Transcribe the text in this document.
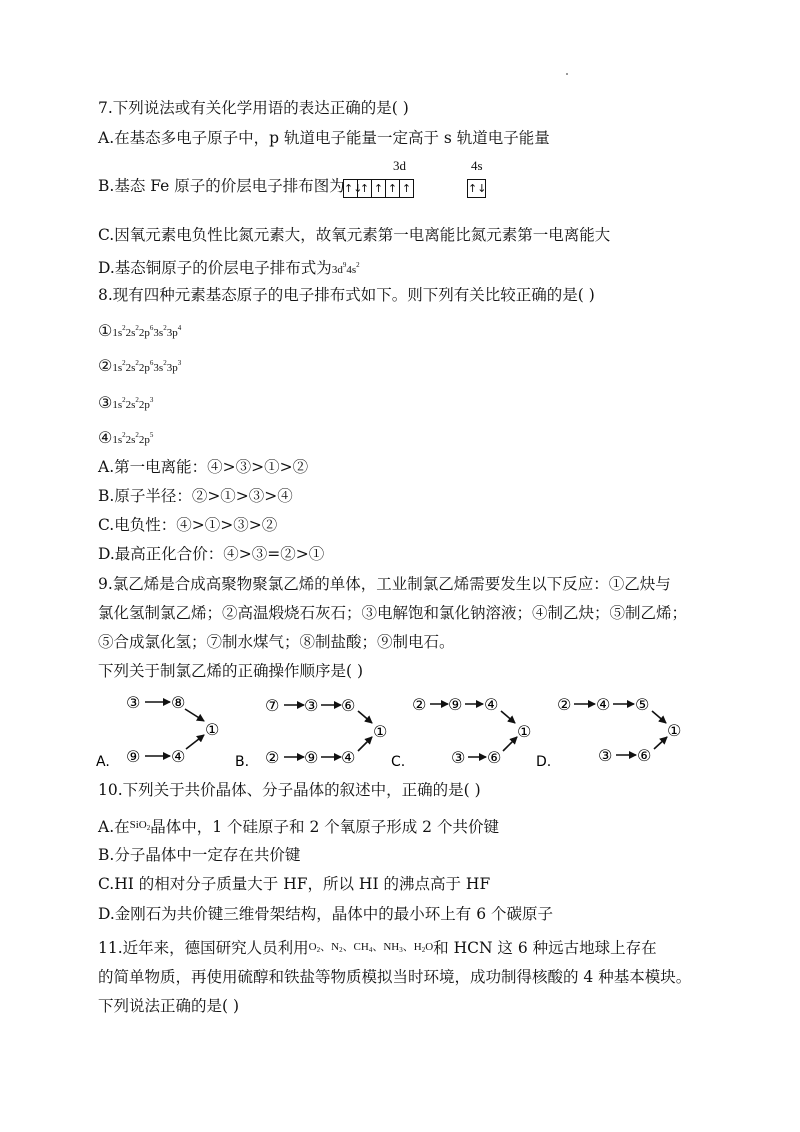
7.下列说法或有关化学用语的表达正确的是( )
A.在基态多电子原子中，p 轨道电子能量一定高于 s 轨道电子能量
B.基态 Fe 原子的价层电子排布图为
3d	4s
↑↓
↑ ↑ ↑ ↑	↑↓
C.因氧元素电负性比氮元素大，故氧元素第一电离能比氮元素第一电离能大
D.基态铜原子的价层电子排布式为$3d^94s^2$
8.现有四种元素基态原子的电子排布式如下。则下列有关比较正确的是( )
$①1s^22s^22p^63s^23p^4$
$②1s^22s^22p^63s^23p^3$
$③1s^22s^22p^3$
$④1s^22s^22p^5$
A.第一电离能：④>③>①>②
B.原子半径：②>①>③>④
C.电负性：④>①>③>②
D.最高正化合价：④>③=②>①
9.氯乙烯是合成高聚物聚氯乙烯的单体，工业制氯乙烯需要发生以下反应：①乙炔与
氯化氢制氯乙烯；②高温煅烧石灰石；③电解饱和氯化钠溶液；④制乙炔；⑤制乙烯；
⑤合成氯化氢；⑦制水煤气；⑧制盐酸；⑨制电石。
下列关于制氯乙烯的正确操作顺序是( )
A.
③ ⑧
⑨ ④
①
B.
⑦ ③ ⑥
② ⑨ ④
①
C.
② ⑨ ④
③ ⑥
①
D.
② ④ ⑤
③ ⑥
①
10.下列关于共价晶体、分子晶体的叙述中，正确的是( )
A.在$^{SiO_2}$晶体中，1 个硅原子和 2 个氧原子形成 2 个共价键
B.分子晶体中一定存在共价键
C.HI 的相对分子质量大于 HF，所以 HI 的沸点高于 HF
D.金刚石为共价键三维骨架结构，晶体中的最小环上有 6 个碳原子
11.近年来，德国研究人员利用$O_2$、$N_2$、$CH_4$、$NH_3$、$H_2O$和 HCN 这 6 种远古地球上存在
的简单物质，再使用硫醇和铁盐等物质模拟当时环境，成功制得核酸的 4 种基本模块。
下列说法正确的是( )
